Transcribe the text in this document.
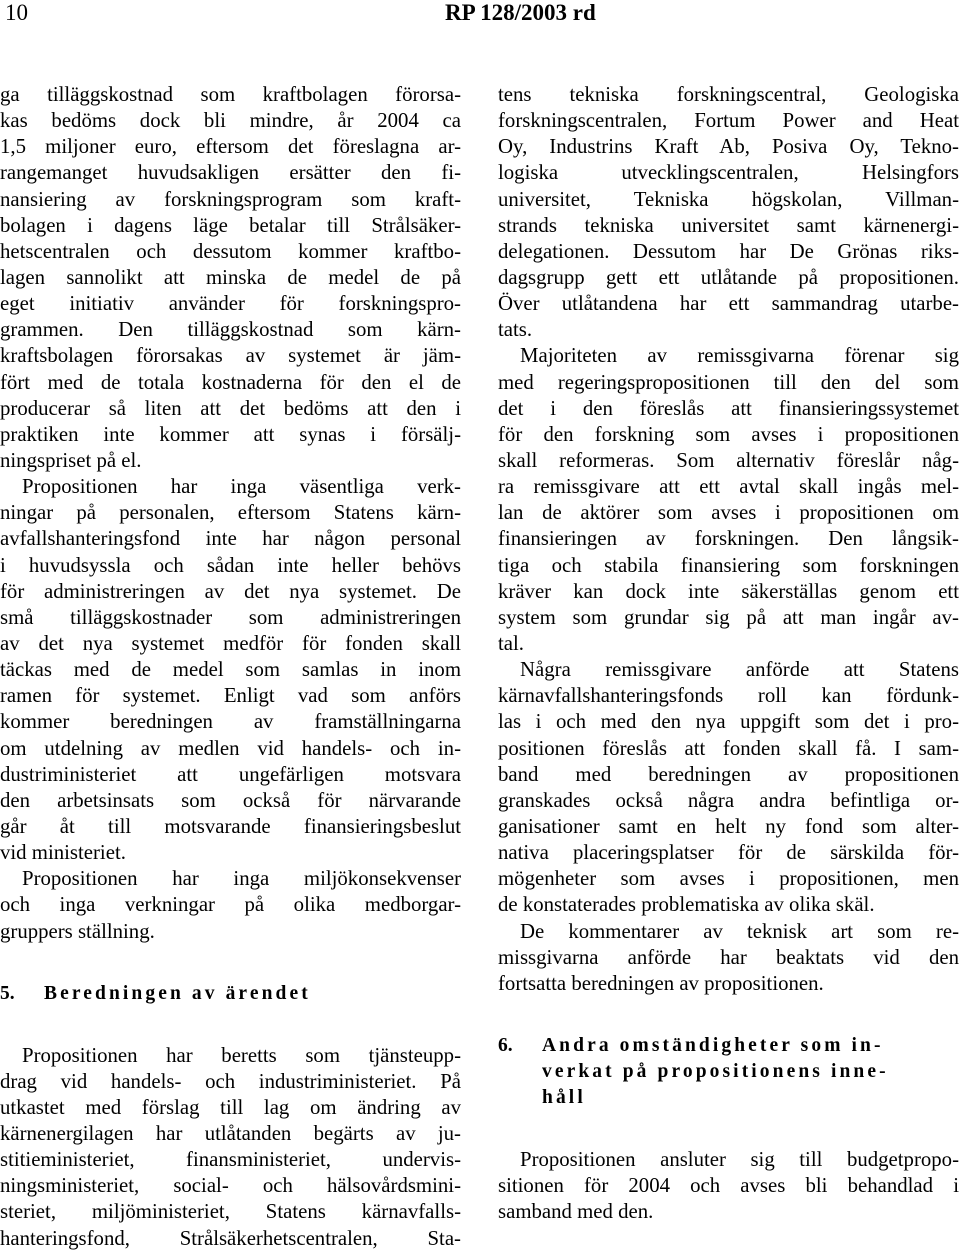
10	RP 128/2003 rd
ga tilläggskostnad som kraftbolagen förorsa-
kas bedöms dock bli mindre, år 2004 ca
1,5 miljoner euro, eftersom det föreslagna ar-
rangemanget huvudsakligen ersätter den fi-
nansiering av forskningsprogram som kraft-
bolagen i dagens läge betalar till Strålsäker-
hetscentralen och dessutom kommer kraftbo-
lagen sannolikt att minska de medel de på
eget initiativ använder för forskningspro-
grammen. Den tilläggskostnad som kärn-
kraftsbolagen förorsakas av systemet är jäm-
fört med de totala kostnaderna för den el de
producerar så liten att det bedöms att den i
praktiken inte kommer att synas i försälj-
ningspriset på el.
Propositionen har inga väsentliga verk-
ningar på personalen, eftersom Statens kärn-
avfallshanteringsfond inte har någon personal
i huvudsyssla och sådan inte heller behövs
för administreringen av det nya systemet. De
små tilläggskostnader som administreringen
av det nya systemet medför för fonden skall
täckas med de medel som samlas in inom
ramen för systemet. Enligt vad som anförs
kommer beredningen av framställningarna
om utdelning av medlen vid handels- och in-
dustriministeriet att ungefärligen motsvara
den arbetsinsats som också för närvarande
går åt till motsvarande finansieringsbeslut
vid ministeriet.
Propositionen har inga miljökonsekvenser
och inga verkningar på olika medborgar-
gruppers ställning.
5. Beredningen av ärendet
Propositionen har beretts som tjänsteupp-
drag vid handels- och industriministeriet. På
utkastet med förslag till lag om ändring av
kärnenergilagen har utlåtanden begärts av ju-
stitieministeriet, finansministeriet, undervis-
ningsministeriet, social- och hälsovårdsmini-
steriet, miljöministeriet, Statens kärnavfalls-
hanteringsfond, Strålsäkerhetscentralen, Sta-
tens tekniska forskningscentral, Geologiska
forskningscentralen, Fortum Power and Heat
Oy, Industrins Kraft Ab, Posiva Oy, Tekno-
logiska utvecklingscentralen, Helsingfors
universitet, Tekniska högskolan, Villman-
strands tekniska universitet samt kärnenergi-
delegationen. Dessutom har De Grönas riks-
dagsgrupp gett ett utlåtande på propositionen.
Över utlåtandena har ett sammandrag utarbe-
tats.
Majoriteten av remissgivarna förenar sig
med regeringspropositionen till den del som
det i den föreslås att finansieringssystemet
för den forskning som avses i propositionen
skall reformeras. Som alternativ föreslår någ-
ra remissgivare att ett avtal skall ingås mel-
lan de aktörer som avses i propositionen om
finansieringen av forskningen. Den långsik-
tiga och stabila finansiering som forskningen
kräver kan dock inte säkerställas genom ett
system som grundar sig på att man ingår av-
tal.
Några remissgivare anförde att Statens
kärnavfallshanteringsfonds roll kan fördunk-
las i och med den nya uppgift som det i pro-
positionen föreslås att fonden skall få. I sam-
band med beredningen av propositionen
granskades också några andra befintliga or-
ganisationer samt en helt ny fond som alter-
nativa placeringsplatser för de särskilda för-
mögenheter som avses i propositionen, men
de konstaterades problematiska av olika skäl.
De kommentarer av teknisk art som re-
missgivarna anförde har beaktats vid den
fortsatta beredningen av propositionen.
6. Andra omständigheter som in-
verkat på propositionens inne-
håll
Propositionen ansluter sig till budgetpropo-
sitionen för 2004 och avses bli behandlad i
samband med den.
